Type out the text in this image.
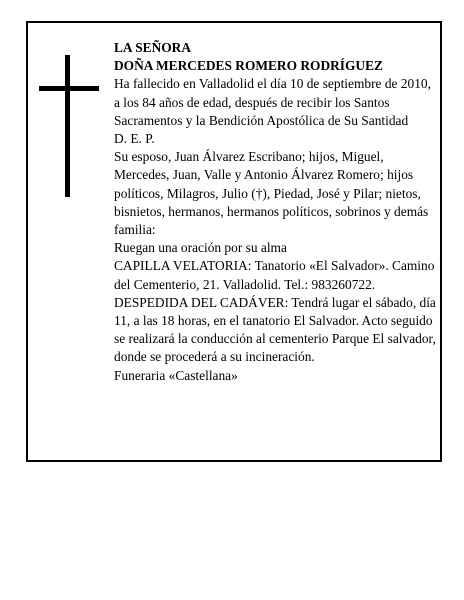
LA SEÑORA

DOÑA MERCEDES ROMERO RODRÍGUEZ

Ha fallecido en Valladolid el día 10 de septiembre de 2010, a los 84 años de edad, después de recibir los Santos Sacramentos y la Bendición Apostólica de Su Santidad

D. E. P.

Su esposo, Juan Álvarez Escribano; hijos, Miguel, Mercedes, Juan, Valle y Antonio Álvarez Romero; hijos políticos, Milagros, Julio (†), Piedad, José y Pilar; nietos, bisnietos, hermanos, hermanos políticos, sobrinos y demás familia:

Ruegan una oración por su alma

CAPILLA VELATORIA: Tanatorio «El Salvador». Camino del Cementerio, 21. Valladolid. Tel.: 983260722.

DESPEDIDA DEL CADÁVER: Tendrá lugar el sábado, día 11, a las 18 horas, en el tanatorio El Salvador. Acto seguido se realizará la conducción al cementerio Parque El salvador, donde se procederá a su incineración.

Funeraria «Castellana»
